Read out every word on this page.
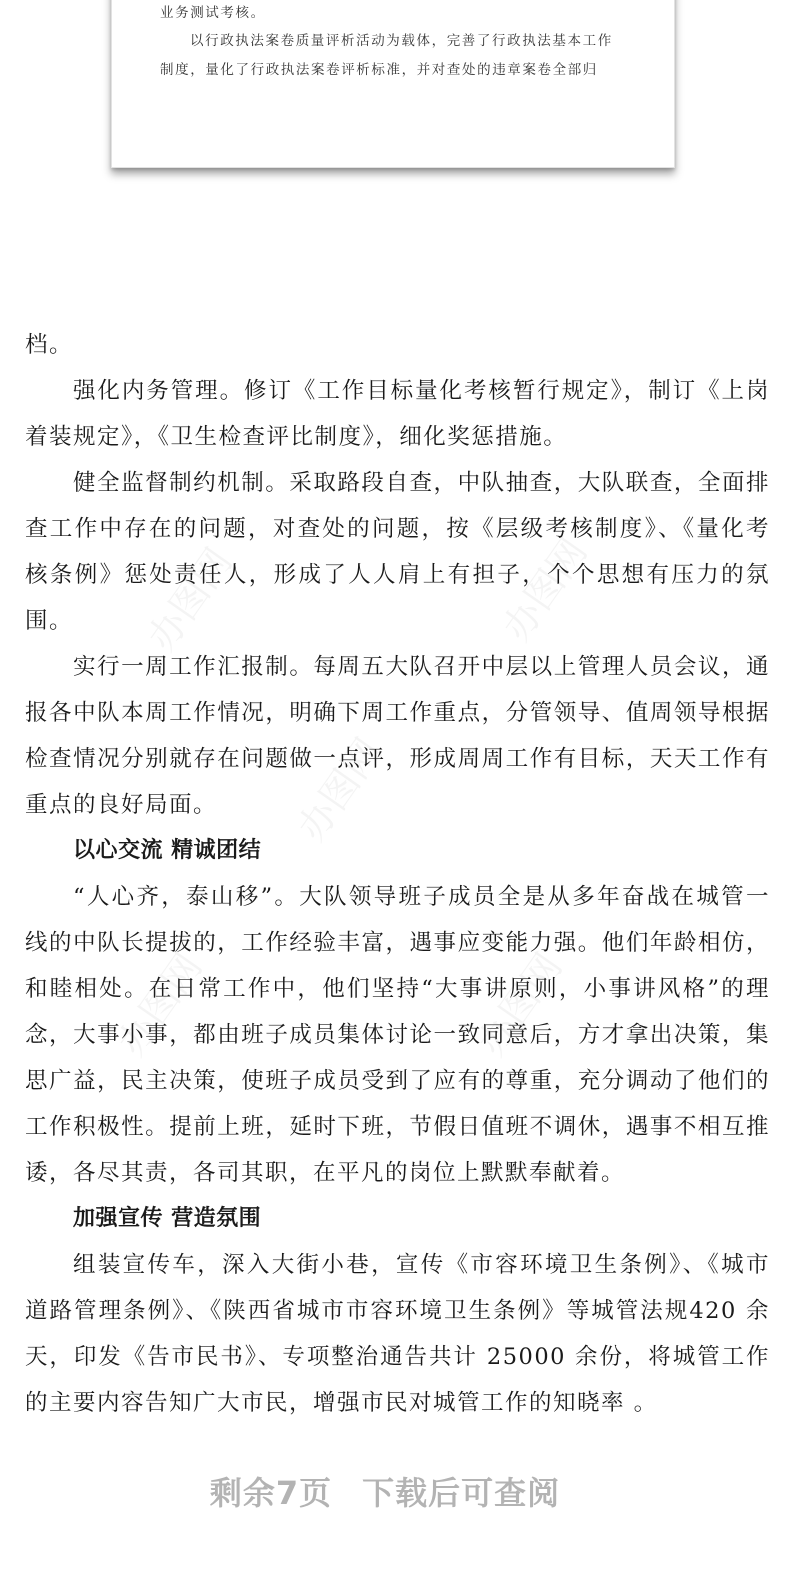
业务测试考核。
以行政执法案卷质量评析活动为载体，完善了行政执法基本工作
制度，量化了行政执法案卷评析标准，并对查处的违章案卷全部归
办图网	办图网
办图网
办图网	办图网

档。

强化内务管理。修订《工作目标量化考核暂行规定》，制订《上岗着装规定》，《卫生检查评比制度》，细化奖惩措施。

健全监督制约机制。采取路段自查，中队抽查，大队联查，全面排查工作中存在的问题，对查处的问题，按《层级考核制度》、《量化考核条例》惩处责任人，形成了人人肩上有担子，个个思想有压力的氛围。

实行一周工作汇报制。每周五大队召开中层以上管理人员会议，通报各中队本周工作情况，明确下周工作重点，分管领导、值周领导根据检查情况分别就存在问题做一点评，形成周周工作有目标，天天工作有重点的良好局面。

以心交流 精诚团结

“人心齐，泰山移”。大队领导班子成员全是从多年奋战在城管一线的中队长提拔的，工作经验丰富，遇事应变能力强。他们年龄相仿，和睦相处。在日常工作中，他们坚持“大事讲原则，小事讲风格”的理念，大事小事，都由班子成员集体讨论一致同意后，方才拿出决策，集思广益，民主决策，使班子成员受到了应有的尊重，充分调动了他们的工作积极性。提前上班，延时下班，节假日值班不调休，遇事不相互推诿，各尽其责，各司其职，在平凡的岗位上默默奉献着。

加强宣传 营造氛围

组装宣传车，深入大街小巷，宣传《市容环境卫生条例》、《城市道路管理条例》、《陕西省城市市容环境卫生条例》等城管法规420 余天，印发《告市民书》、专项整治通告共计 25000 余份，将城管工作的主要内容告知广大市民，增强市民对城管工作的知晓率 。

剩余7页 下载后可查阅
